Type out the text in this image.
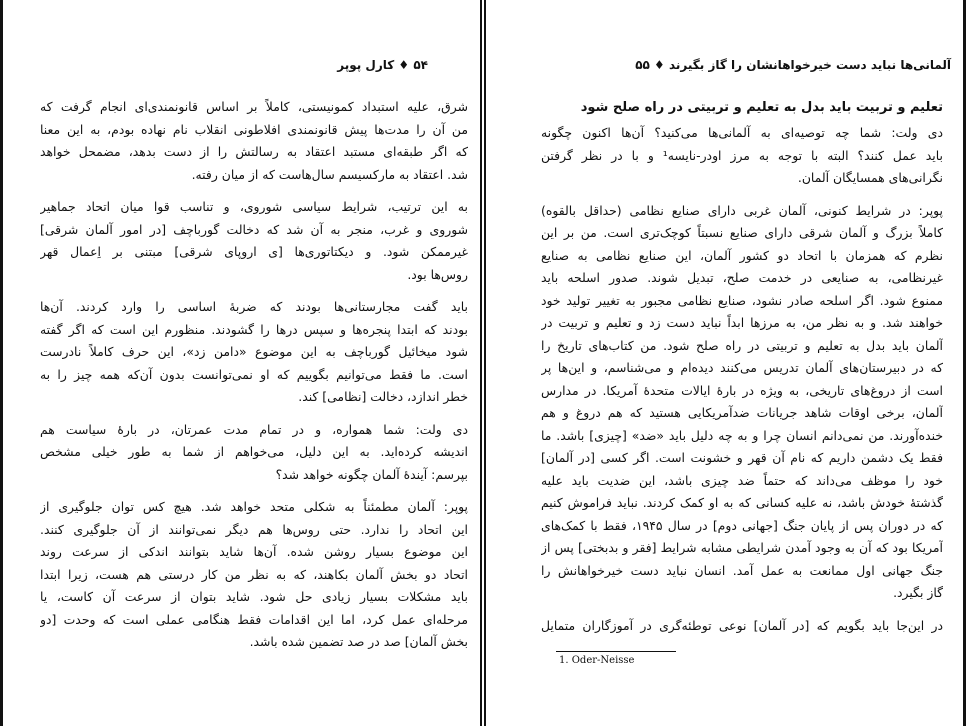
۵۴ ♦ کارل پوپر
شرق، علیه استبداد کمونیستی، کاملاً بر اساس قانونمندی‌ای انجام گرفت که
من آن را مدت‌ها پیش قانونمندی افلاطونی انقلاب نام نهاده بودم، به این معنا
که اگر طبقه‌ای مستبد اعتقاد به رسالتش را از دست بدهد، مضمحل خواهد
شد. اعتقاد به مارکسیسم سال‌هاست که از میان رفته.
به این ترتیب، شرایط سیاسی شوروی، و تناسب قوا میان اتحاد جماهیر
شوروی و غرب، منجر به آن شد که دخالت گورباچف [در امور آلمان شرقی]
غیرممکن شود. و دیکتاتوری‌ها [ی اروپای شرقی] مبتنی بر اِعمال قهر
روس‌ها بود.
باید گفت مجارستانی‌ها بودند که ضربهٔ اساسی را وارد کردند. آن‌ها
بودند که ابتدا پنجره‌ها و سپس درها را گشودند. منظورم این است که اگر گفته
شود میخائیل گورباچف به این موضوع «دامن زد»، این حرف کاملاً نادرست
است. ما فقط می‌توانیم بگوییم که او نمی‌توانست بدون آن‌که همه چیز را به
خطر اندازد، دخالت [نظامی] کند.
دی ولت: شما همواره، و در تمام مدت عمرتان، در بارهٔ سیاست هم
اندیشه کرده‌اید. به این دلیل، می‌خواهم از شما به طور خیلی مشخص
بپرسم: آیندهٔ آلمان چگونه خواهد شد؟
پوپر: آلمان مطمئناً به شکلی متحد خواهد شد. هیچ کس توان جلوگیری از
این اتحاد را ندارد. حتی روس‌ها هم دیگر نمی‌توانند از آن جلوگیری کنند.
این موضوع بسیار روشن شده. آن‌ها شاید بتوانند اندکی از سرعت روند
اتحاد دو بخش آلمان بکاهند، که به نظر من کار درستی هم هست، زیرا ابتدا
باید مشکلات بسیار زیادی حل شود. شاید بتوان از سرعت آن کاست، یا
مرحله‌ای عمل کرد، اما این اقدامات فقط هنگامی عملی است که وحدت [دو
بخش آلمان] صد در صد تضمین شده باشد.
آلمانی‌ها نباید دست خیرخواهانشان را گاز بگیرند ♦ ۵۵
تعلیم و تربیت باید بدل به تعلیم و تربیتی در راه صلح شود
دی ولت: شما چه توصیه‌ای به آلمانی‌ها می‌کنید؟ آن‌ها اکنون چگونه
باید عمل کنند؟ البته با توجه به مرز اودر-نایسه¹ و با در نظر گرفتن
نگرانی‌های همسایگان آلمان.
پوپر: در شرایط کنونی، آلمان غربی دارای صنایع نظامی (حداقل بالقوه)
کاملاً بزرگ و آلمان شرقی دارای صنایع نسبتاً کوچک‌تری است. من بر این
نظرم که همزمان با اتحاد دو کشور آلمان، این صنایع نظامی به صنایع
غیرنظامی، به صنایعی در خدمت صلح، تبدیل شوند. صدور اسلحه باید
ممنوع شود. اگر اسلحه صادر نشود، صنایع نظامی مجبور به تغییر تولید خود
خواهند شد. و به نظر من، به مرزها ابداً نباید دست زد و تعلیم و تربیت در
آلمان باید بدل به تعلیم و تربیتی در راه صلح شود. من کتاب‌های تاریخ را
که در دبیرستان‌های آلمان تدریس می‌کنند دیده‌ام و می‌شناسم، و این‌ها پر
است از دروغ‌های تاریخی، به ویژه در بارهٔ ایالات متحدهٔ آمریکا. در مدارس
آلمان، برخی اوقات شاهد جریانات ضدآمریکایی هستید که هم دروغ و هم
خنده‌آورند. من نمی‌دانم انسان چرا و به چه دلیل باید «ضد» [چیزی] باشد. ما
فقط یک دشمن داریم که نام آن قهر و خشونت است. اگر کسی [در آلمان]
خود را موظف می‌داند که حتماً ضد چیزی باشد، این ضدیت باید علیه
گذشتهٔ خودش باشد، نه علیه کسانی که به او کمک کردند. نباید فراموش کنیم
که در دوران پس از پایان جنگ [جهانی دوم] در سال ۱۹۴۵، فقط با کمک‌های
آمریکا بود که آن به وجود آمدن شرایطی مشابه شرایط [فقر و بدبختی] پس از
جنگ جهانی اول ممانعت به عمل آمد. انسان نباید دست خیرخواهانش را
گاز بگیرد.
در این‌جا باید بگویم که [در آلمان] نوعی توطئه‌گری در آموزگاران متمایل
1. Oder-Neisse
